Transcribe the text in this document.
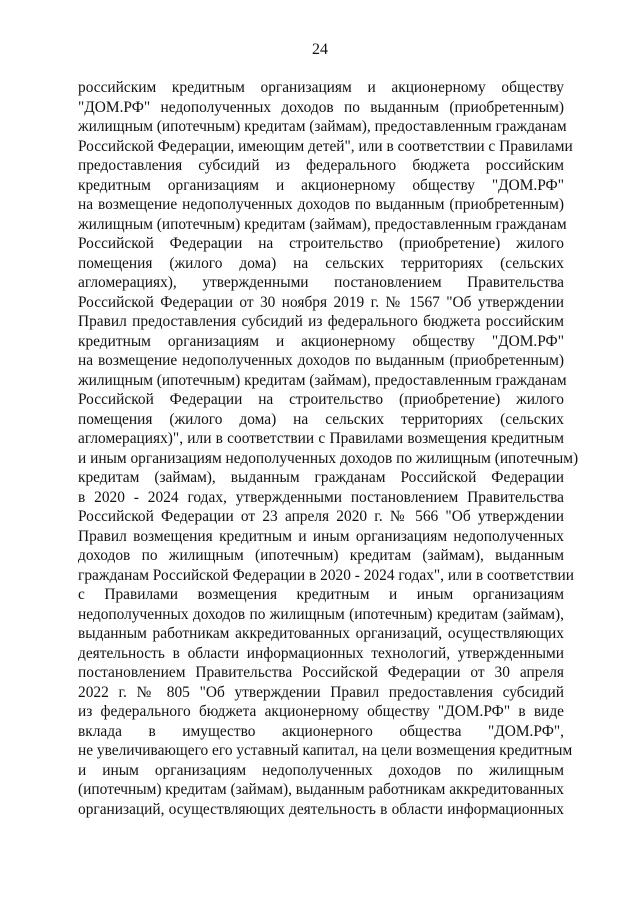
24
российским кредитным организациям и акционерному обществу
"ДОМ.РФ" недополученных доходов по выданным (приобретенным)
жилищным (ипотечным) кредитам (займам), предоставленным гражданам
Российской Федерации, имеющим детей", или в соответствии с Правилами
предоставления субсидий из федерального бюджета российским
кредитным организациям и акционерному обществу "ДОМ.РФ"
на возмещение недополученных доходов по выданным (приобретенным)
жилищным (ипотечным) кредитам (займам), предоставленным гражданам
Российской Федерации на строительство (приобретение) жилого
помещения (жилого дома) на сельских территориях (сельских
агломерациях), утвержденными постановлением Правительства
Российской Федерации от 30 ноября 2019 г. № 1567 "Об утверждении
Правил предоставления субсидий из федерального бюджета российским
кредитным организациям и акционерному обществу "ДОМ.РФ"
на возмещение недополученных доходов по выданным (приобретенным)
жилищным (ипотечным) кредитам (займам), предоставленным гражданам
Российской Федерации на строительство (приобретение) жилого
помещения (жилого дома) на сельских территориях (сельских
агломерациях)", или в соответствии с Правилами возмещения кредитным
и иным организациям недополученных доходов по жилищным (ипотечным)
кредитам (займам), выданным гражданам Российской Федерации
в 2020 - 2024 годах, утвержденными постановлением Правительства
Российской Федерации от 23 апреля 2020 г. № 566 "Об утверждении
Правил возмещения кредитным и иным организациям недополученных
доходов по жилищным (ипотечным) кредитам (займам), выданным
гражданам Российской Федерации в 2020 - 2024 годах", или в соответствии
с Правилами возмещения кредитным и иным организациям
недополученных доходов по жилищным (ипотечным) кредитам (займам),
выданным работникам аккредитованных организаций, осуществляющих
деятельность в области информационных технологий, утвержденными
постановлением Правительства Российской Федерации от 30 апреля
2022 г. № 805 "Об утверждении Правил предоставления субсидий
из федерального бюджета акционерному обществу "ДОМ.РФ" в виде
вклада в имущество акционерного общества "ДОМ.РФ",
не увеличивающего его уставный капитал, на цели возмещения кредитным
и иным организациям недополученных доходов по жилищным
(ипотечным) кредитам (займам), выданным работникам аккредитованных
организаций, осуществляющих деятельность в области информационных
